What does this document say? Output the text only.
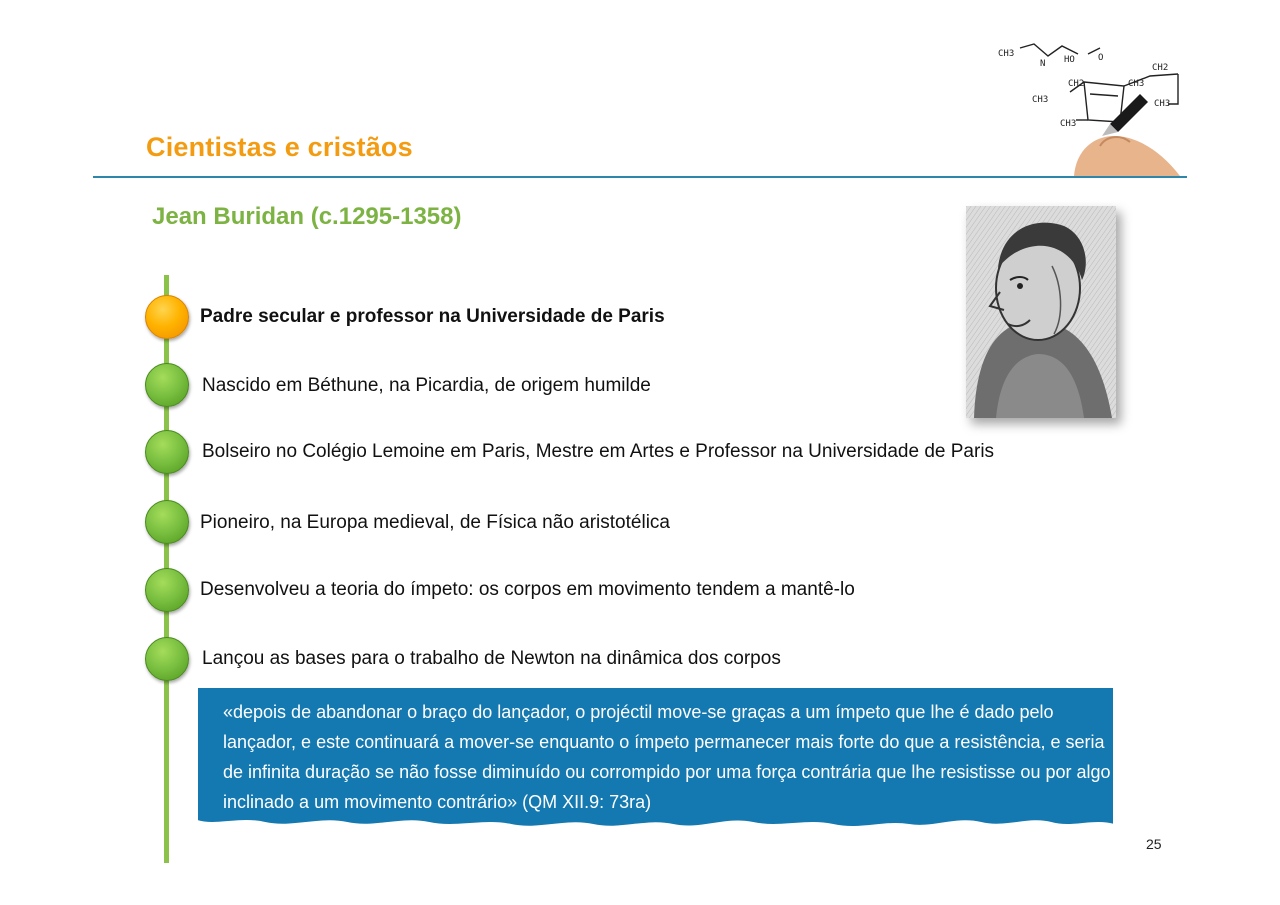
CH3
N HO	O
CH2
CH3
CH3
CH2
CH3
CH3
Cientistas e cristãos
Jean Buridan (c.1295-1358)
Padre secular e professor na Universidade de Paris
Nascido em Béthune, na Picardia, de origem humilde
Bolseiro no Colégio Lemoine em Paris, Mestre em Artes e Professor na Universidade de Paris
Pioneiro, na Europa medieval, de Física não aristotélica
Desenvolveu a teoria do ímpeto: os corpos em movimento tendem a mantê-lo
Lançou as bases para o trabalho de Newton na dinâmica dos corpos
«depois de abandonar o braço do lançador, o projéctil move-se graças a um ímpeto que lhe é dado pelo lançador, e este continuará a mover-se enquanto o ímpeto permanecer mais forte do que a resistência, e seria de infinita duração se não fosse diminuído ou corrompido por uma força contrária que lhe resistisse ou por algo inclinado a um movimento contrário» (QM XII.9: 73ra)
25
